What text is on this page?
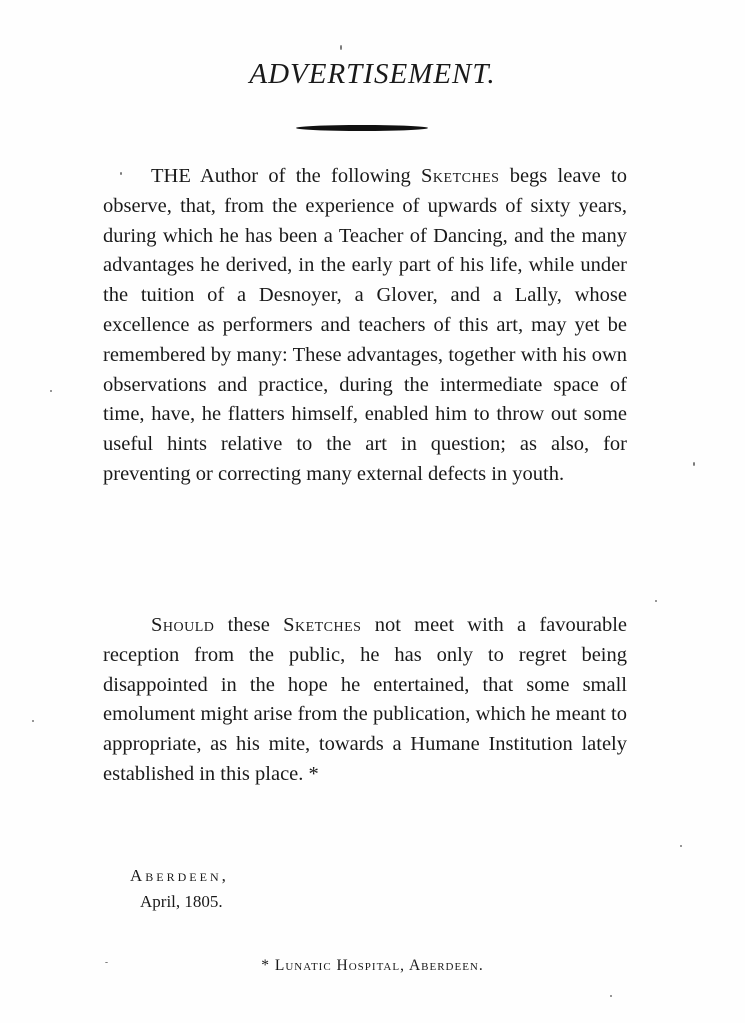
ADVERTISEMENT.

THE Author of the following Sketches begs leave to observe, that, from the experience of upwards of sixty years, during which he has been a Teacher of Dancing, and the many advantages he derived, in the early part of his life, while under the tuition of a Desnoyer, a Glover, and a Lally, whose excellence as performers and teachers of this art, may yet be remembered by many: These advantages, together with his own observations and practice, during the intermediate space of time, have, he flatters himself, enabled him to throw out some useful hints relative to the art in question; as also, for preventing or correcting many external defects in youth.

Should these Sketches not meet with a favourable reception from the public, he has only to regret being disappointed in the hope he entertained, that some small emolument might arise from the publication, which he meant to appropriate, as his mite, towards a Humane Institution lately established in this place. *

Aberdeen,
April, 1805.

* Lunatic Hospital, Aberdeen.
